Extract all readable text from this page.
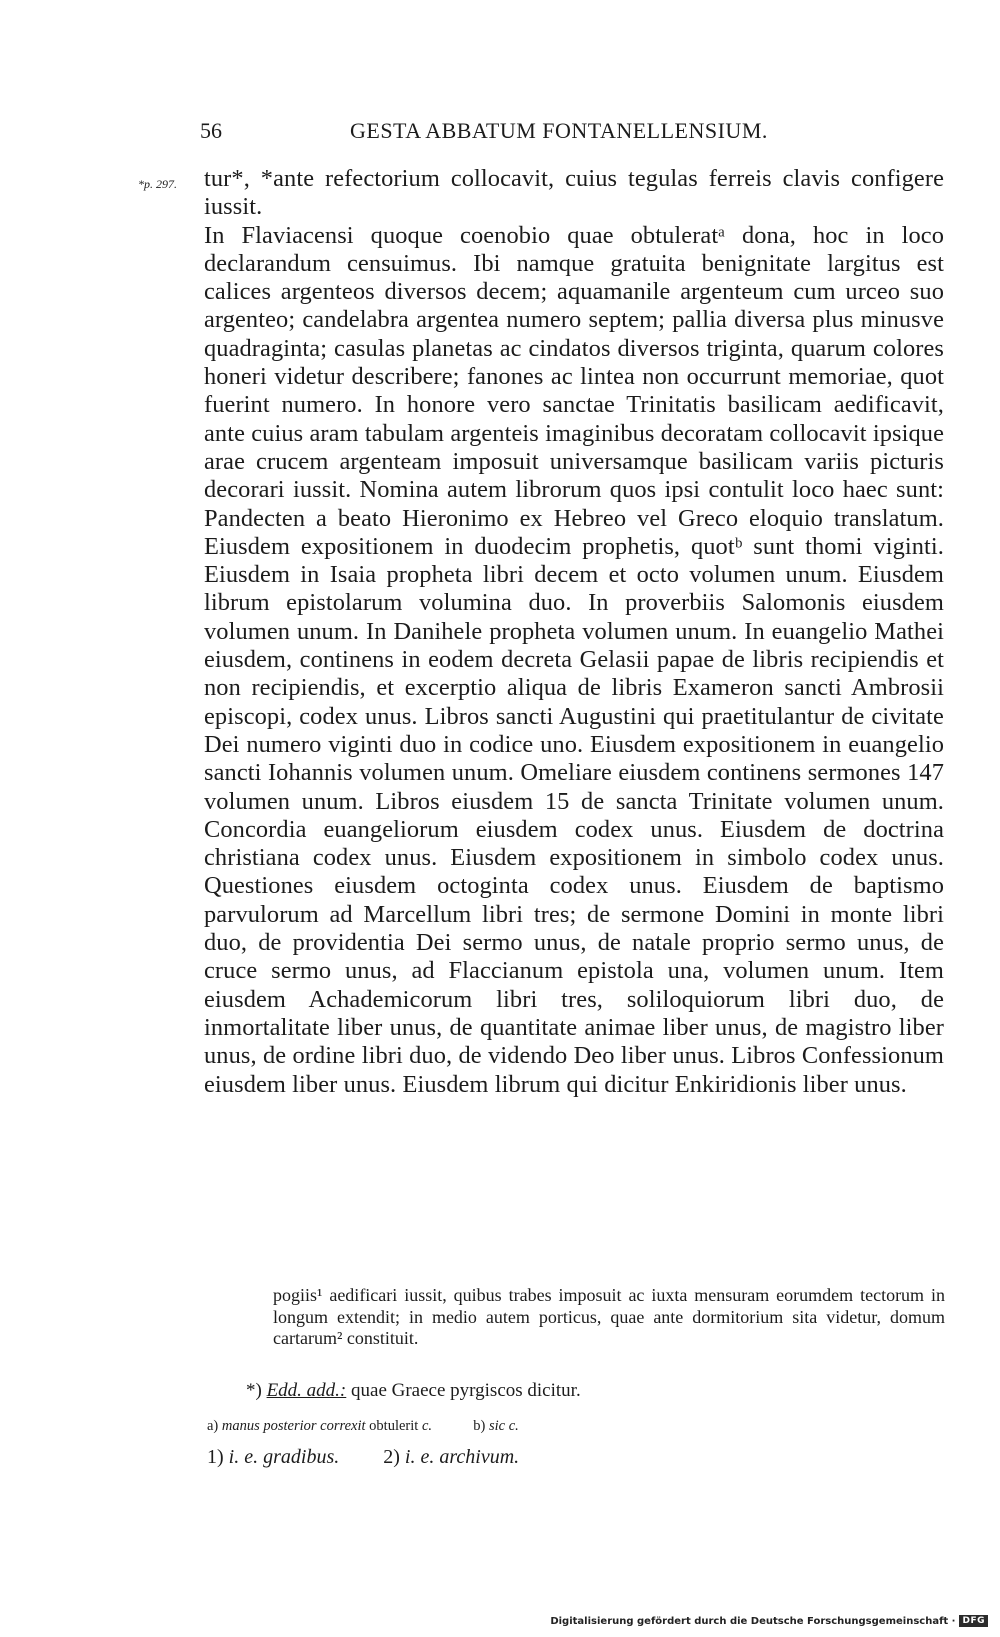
56	GESTA ABBATUM FONTANELLENSIUM.
*p. 297. tur*, *ante refectorium collocavit, cuius tegulas ferreis clavis configere iussit.

In Flaviacensi quoque coenobio quae obtuleratᵃ dona, hoc in loco declarandum censuimus. Ibi namque gratuita benignitate largitus est calices argenteos diversos decem; aquamanile argenteum cum urceo suo argenteo; candelabra argentea numero septem; pallia diversa plus minusve quadraginta; casulas planetas ac cindatos diversos triginta, quarum colores honeri videtur describere; fanones ac lintea non occurrunt memoriae, quot fuerint numero. In honore vero sanctae Trinitatis basilicam aedificavit, ante cuius aram tabulam argenteis imaginibus decoratam collocavit ipsique arae crucem argenteam imposuit universamque basilicam variis picturis decorari iussit. Nomina autem librorum quos ipsi contulit loco haec sunt: Pandecten a beato Hieronimo ex Hebreo vel Greco eloquio translatum. Eiusdem expositionem in duodecim prophetis, quotᵇ sunt thomi viginti. Eiusdem in Isaia propheta libri decem et octo volumen unum. Eiusdem librum epistolarum volumina duo. In proverbiis Salomonis eiusdem volumen unum. In Danihele propheta volumen unum. In euangelio Mathei eiusdem, continens in eodem decreta Gelasii papae de libris recipiendis et non recipiendis, et excerptio aliqua de libris Exameron sancti Ambrosii episcopi, codex unus. Libros sancti Augustini qui praetitulantur de civitate Dei numero viginti duo in codice uno. Eiusdem expositionem in euangelio sancti Iohannis volumen unum. Omeliare eiusdem continens sermones 147 volumen unum. Libros eiusdem 15 de sancta Trinitate volumen unum. Concordia euangeliorum eiusdem codex unus. Eiusdem de doctrina christiana codex unus. Eiusdem expositionem in simbolo codex unus. Questiones eiusdem octoginta codex unus. Eiusdem de baptismo parvulorum ad Marcellum libri tres; de sermone Domini in monte libri duo, de providentia Dei sermo unus, de natale proprio sermo unus, de cruce sermo unus, ad Flaccianum epistola una, volumen unum. Item eiusdem Achademicorum libri tres, soliloquiorum libri duo, de inmortalitate liber unus, de quantitate animae liber unus, de magistro liber unus, de ordine libri duo, de videndo Deo liber unus. Libros Confessionum eiusdem liber unus. Eiusdem librum qui dicitur Enkiridionis liber unus.

pogiis¹ aedificari iussit, quibus trabes imposuit ac iuxta mensuram eorumdem tectorum in longum extendit; in medio autem porticus, quae ante dormitorium sita videtur, domum cartarum² constituit.

*) Edd. add.: quae Graece pyrgiscos dicitur.
a) manus posterior correxit obtulerit c.	b) sic c.
1) i. e. gradibus. 2) i. e. archivum.
Digitalisierung gefördert durch die Deutsche Forschungsgemeinschaft · DFG
